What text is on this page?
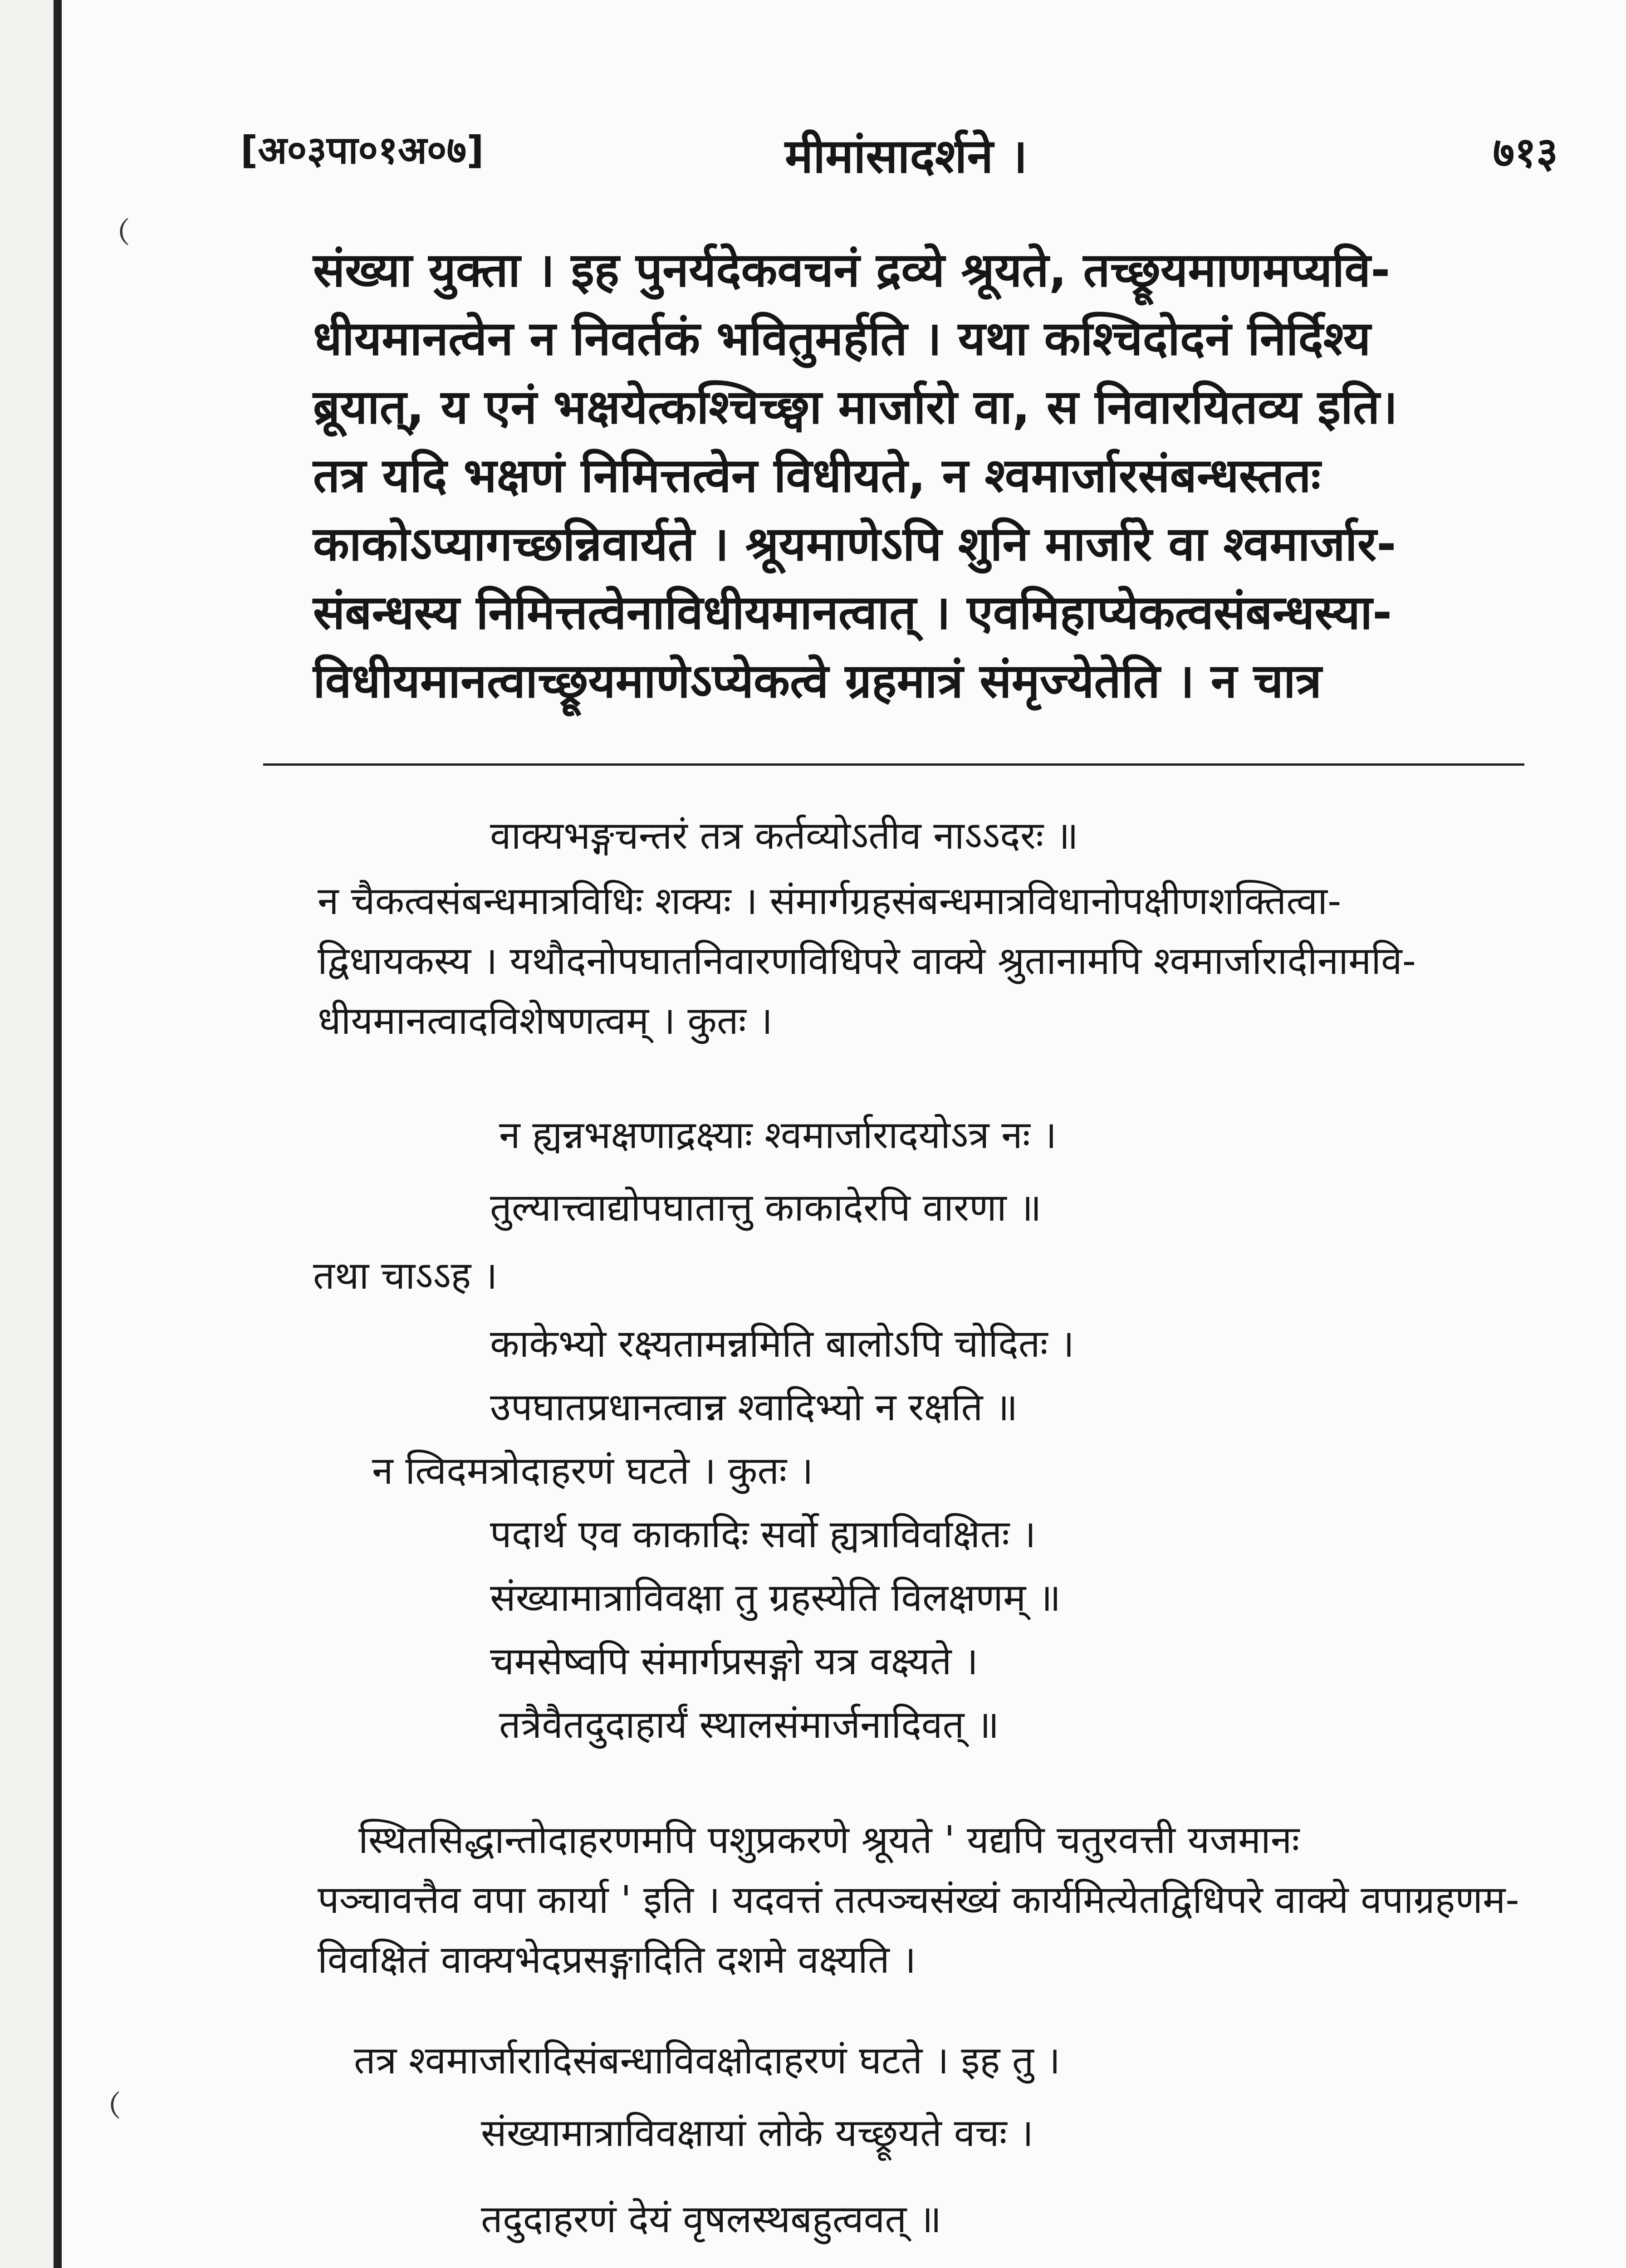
﹙
﹙
[अ०३पा०१अ०७]	मीमांसादर्शने ।	७१३

संख्या युक्ता । इह पुनर्यदेकवचनं द्रव्ये श्रूयते, तच्छ्रूयमाणमप्यवि-

धीयमानत्वेन न निवर्तकं भवितुमर्हति । यथा कश्चिदोदनं निर्दिश्य

ब्रूयात्, य एनं भक्षयेत्कश्चिच्छ्वा मार्जारो वा, स निवारयितव्य इति।

तत्र यदि भक्षणं निमित्तत्वेन विधीयते, न श्वमार्जारसंबन्धस्ततः

काकोऽप्यागच्छन्निवार्यते । श्रूयमाणेऽपि शुनि मार्जारे वा श्वमार्जार-

संबन्धस्य निमित्तत्वेनाविधीयमानत्वात् । एवमिहाप्येकत्वसंबन्धस्या-

विधीयमानत्वाच्छ्रूयमाणेऽप्येकत्वे ग्रहमात्रं संमृज्येतेति । न चात्र

वाक्यभङ्गचन्तरं तत्र कर्तव्योऽतीव नाऽऽदरः ॥

न चैकत्वसंबन्धमात्रविधिः शक्यः । संमार्गग्रहसंबन्धमात्रविधानोपक्षीणशक्तित्वा-

द्विधायकस्य । यथौदनोपघातनिवारणविधिपरे वाक्ये श्रुतानामपि श्वमार्जारादीनामवि-

धीयमानत्वादविशेषणत्वम् । कुतः ।

न ह्यन्नभक्षणाद्रक्ष्याः श्वमार्जारादयोऽत्र नः ।
तुल्यात्त्वाद्योपघातात्तु काकादेरपि वारणा ॥
तथा चाऽऽह ।
काकेभ्यो रक्ष्यतामन्नमिति बालोऽपि चोदितः ।
उपघातप्रधानत्वान्न श्वादिभ्यो न रक्षति ॥
न त्विदमत्रोदाहरणं घटते । कुतः ।
पदार्थ एव काकादिः सर्वो ह्यत्राविवक्षितः ।
संख्यामात्राविवक्षा तु ग्रहस्येति विलक्षणम् ॥
चमसेष्वपि संमार्गप्रसङ्गो यत्र वक्ष्यते ।
तत्रैवैतदुदाहार्यं स्थालसंमार्जनादिवत् ॥

स्थितसिद्धान्तोदाहरणमपि पशुप्रकरणे श्रूयते ' यद्यपि चतुरवत्ती यजमानः

पञ्चावत्तैव वपा कार्या ' इति । यदवत्तं तत्पञ्चसंख्यं कार्यमित्येतद्विधिपरे वाक्ये वपाग्रहणम-

विवक्षितं वाक्यभेदप्रसङ्गादिति दशमे वक्ष्यति ।

तत्र श्वमार्जारादिसंबन्धाविवक्षोदाहरणं घटते । इह तु ।
संख्यामात्राविवक्षायां लोके यच्छ्रूयते वचः ।
तदुदाहरणं देयं वृषलस्थबहुत्ववत् ॥
